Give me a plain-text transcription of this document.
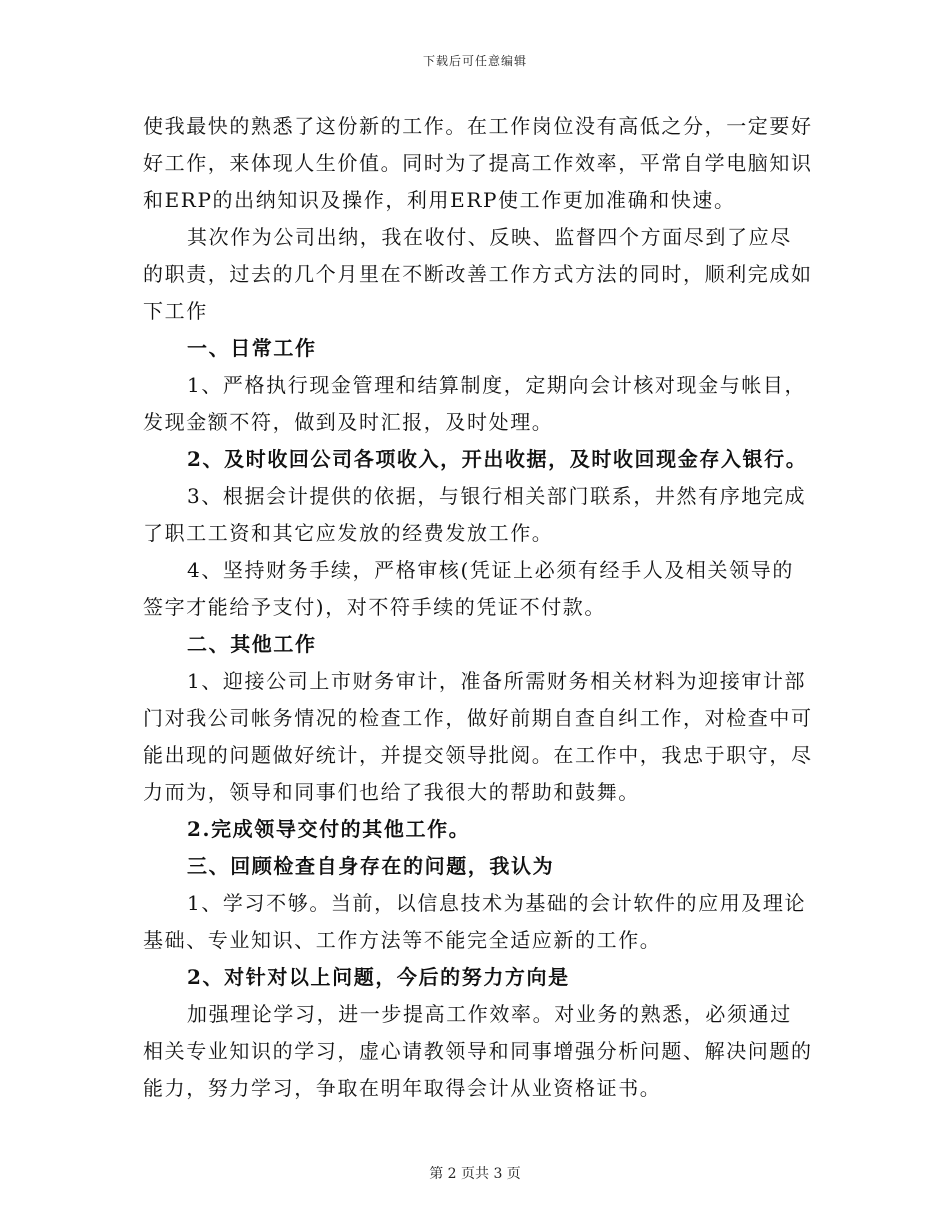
下载后可任意编辑

使我最快的熟悉了这份新的工作。在工作岗位没有高低之分，一定要好好工作，来体现人生价值。同时为了提高工作效率，平常自学电脑知识和ERP的出纳知识及操作，利用ERP使工作更加准确和快速。

其次作为公司出纳，我在收付、反映、监督四个方面尽到了应尽的职责，过去的几个月里在不断改善工作方式方法的同时，顺利完成如下工作

一、日常工作

1、严格执行现金管理和结算制度，定期向会计核对现金与帐目，发现金额不符，做到及时汇报，及时处理。

2、及时收回公司各项收入，开出收据，及时收回现金存入银行。

3、根据会计提供的依据，与银行相关部门联系，井然有序地完成了职工工资和其它应发放的经费发放工作。

4、坚持财务手续，严格审核(凭证上必须有经手人及相关领导的签字才能给予支付)，对不符手续的凭证不付款。

二、其他工作

1、迎接公司上市财务审计，准备所需财务相关材料为迎接审计部门对我公司帐务情况的检查工作，做好前期自查自纠工作，对检查中可能出现的问题做好统计，并提交领导批阅。在工作中，我忠于职守，尽力而为，领导和同事们也给了我很大的帮助和鼓舞。

2.完成领导交付的其他工作。

三、回顾检查自身存在的问题，我认为

1、学习不够。当前，以信息技术为基础的会计软件的应用及理论基础、专业知识、工作方法等不能完全适应新的工作。

2、对针对以上问题，今后的努力方向是

加强理论学习，进一步提高工作效率。对业务的熟悉，必须通过相关专业知识的学习，虚心请教领导和同事增强分析问题、解决问题的能力，努力学习，争取在明年取得会计从业资格证书。

第 2 页共 3 页
